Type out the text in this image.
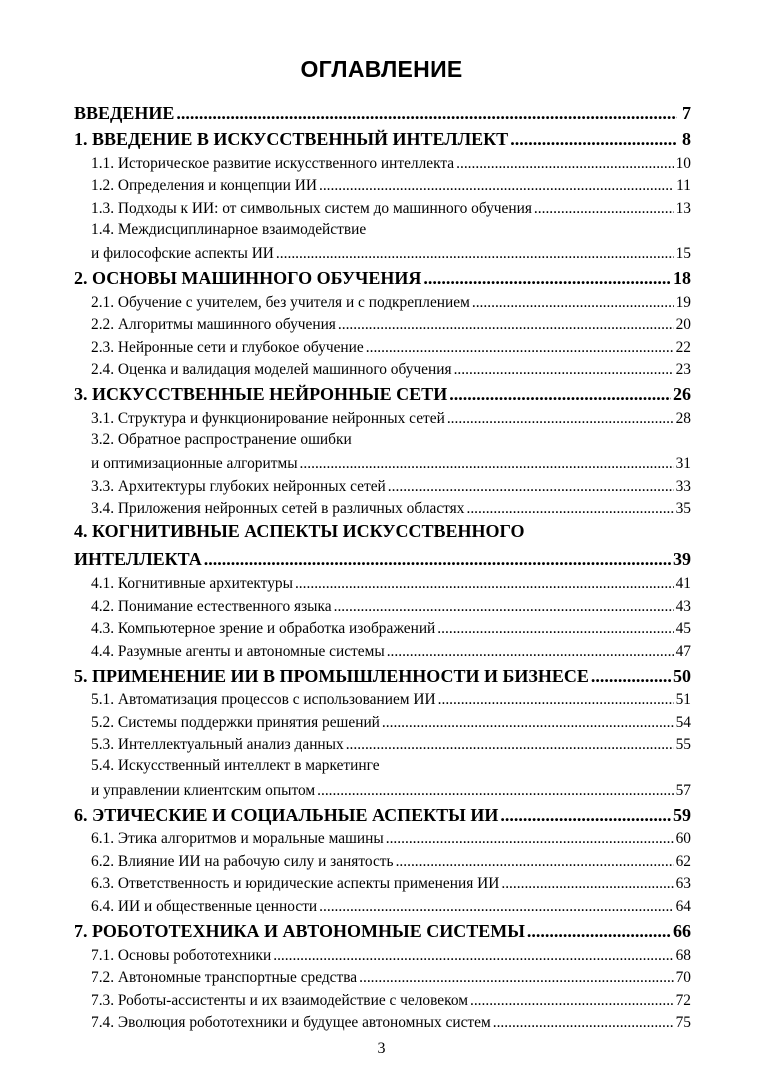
ОГЛАВЛЕНИЕ
ВВЕДЕНИЕ .....	7
1. ВВЕДЕНИЕ В ИСКУССТВЕННЫЙ ИНТЕЛЛЕКТ .....	8
1.1. Историческое развитие искусственного интеллекта .....	10
1.2. Определения и концепции ИИ .....	11
1.3. Подходы к ИИ: от символьных систем до машинного обучения .....	13
1.4. Междисциплинарное взаимодействие
и философские аспекты ИИ .....	15
2. ОСНОВЫ МАШИННОГО ОБУЧЕНИЯ .....	18
2.1. Обучение с учителем, без учителя и с подкреплением .....	19
2.2. Алгоритмы машинного обучения .....	20
2.3. Нейронные сети и глубокое обучение .....	22
2.4. Оценка и валидация моделей машинного обучения .....	23
3. ИСКУССТВЕННЫЕ НЕЙРОННЫЕ СЕТИ .....	26
3.1. Структура и функционирование нейронных сетей .....	28
3.2. Обратное распространение ошибки
и оптимизационные алгоритмы .....	31
3.3. Архитектуры глубоких нейронных сетей .....	33
3.4. Приложения нейронных сетей в различных областях .....	35
4. КОГНИТИВНЫЕ АСПЕКТЫ ИСКУССТВЕННОГО
ИНТЕЛЛЕКТА .....	39
4.1. Когнитивные архитектуры .....	41
4.2. Понимание естественного языка .....	43
4.3. Компьютерное зрение и обработка изображений .....	45
4.4. Разумные агенты и автономные системы .....	47
5. ПРИМЕНЕНИЕ ИИ В ПРОМЫШЛЕННОСТИ И БИЗНЕСЕ .....	50
5.1. Автоматизация процессов с использованием ИИ .....	51
5.2. Системы поддержки принятия решений .....	54
5.3. Интеллектуальный анализ данных .....	55
5.4. Искусственный интеллект в маркетинге
и управлении клиентским опытом .....	57
6. ЭТИЧЕСКИЕ И СОЦИАЛЬНЫЕ АСПЕКТЫ ИИ .....	59
6.1. Этика алгоритмов и моральные машины .....	60
6.2. Влияние ИИ на рабочую силу и занятость .....	62
6.3. Ответственность и юридические аспекты применения ИИ .....	63
6.4. ИИ и общественные ценности .....	64
7. РОБОТОТЕХНИКА И АВТОНОМНЫЕ СИСТЕМЫ .....	66
7.1. Основы робототехники .....	68
7.2. Автономные транспортные средства .....	70
7.3. Роботы-ассистенты и их взаимодействие с человеком .....	72
7.4. Эволюция робототехники и будущее автономных систем .....	75
3
